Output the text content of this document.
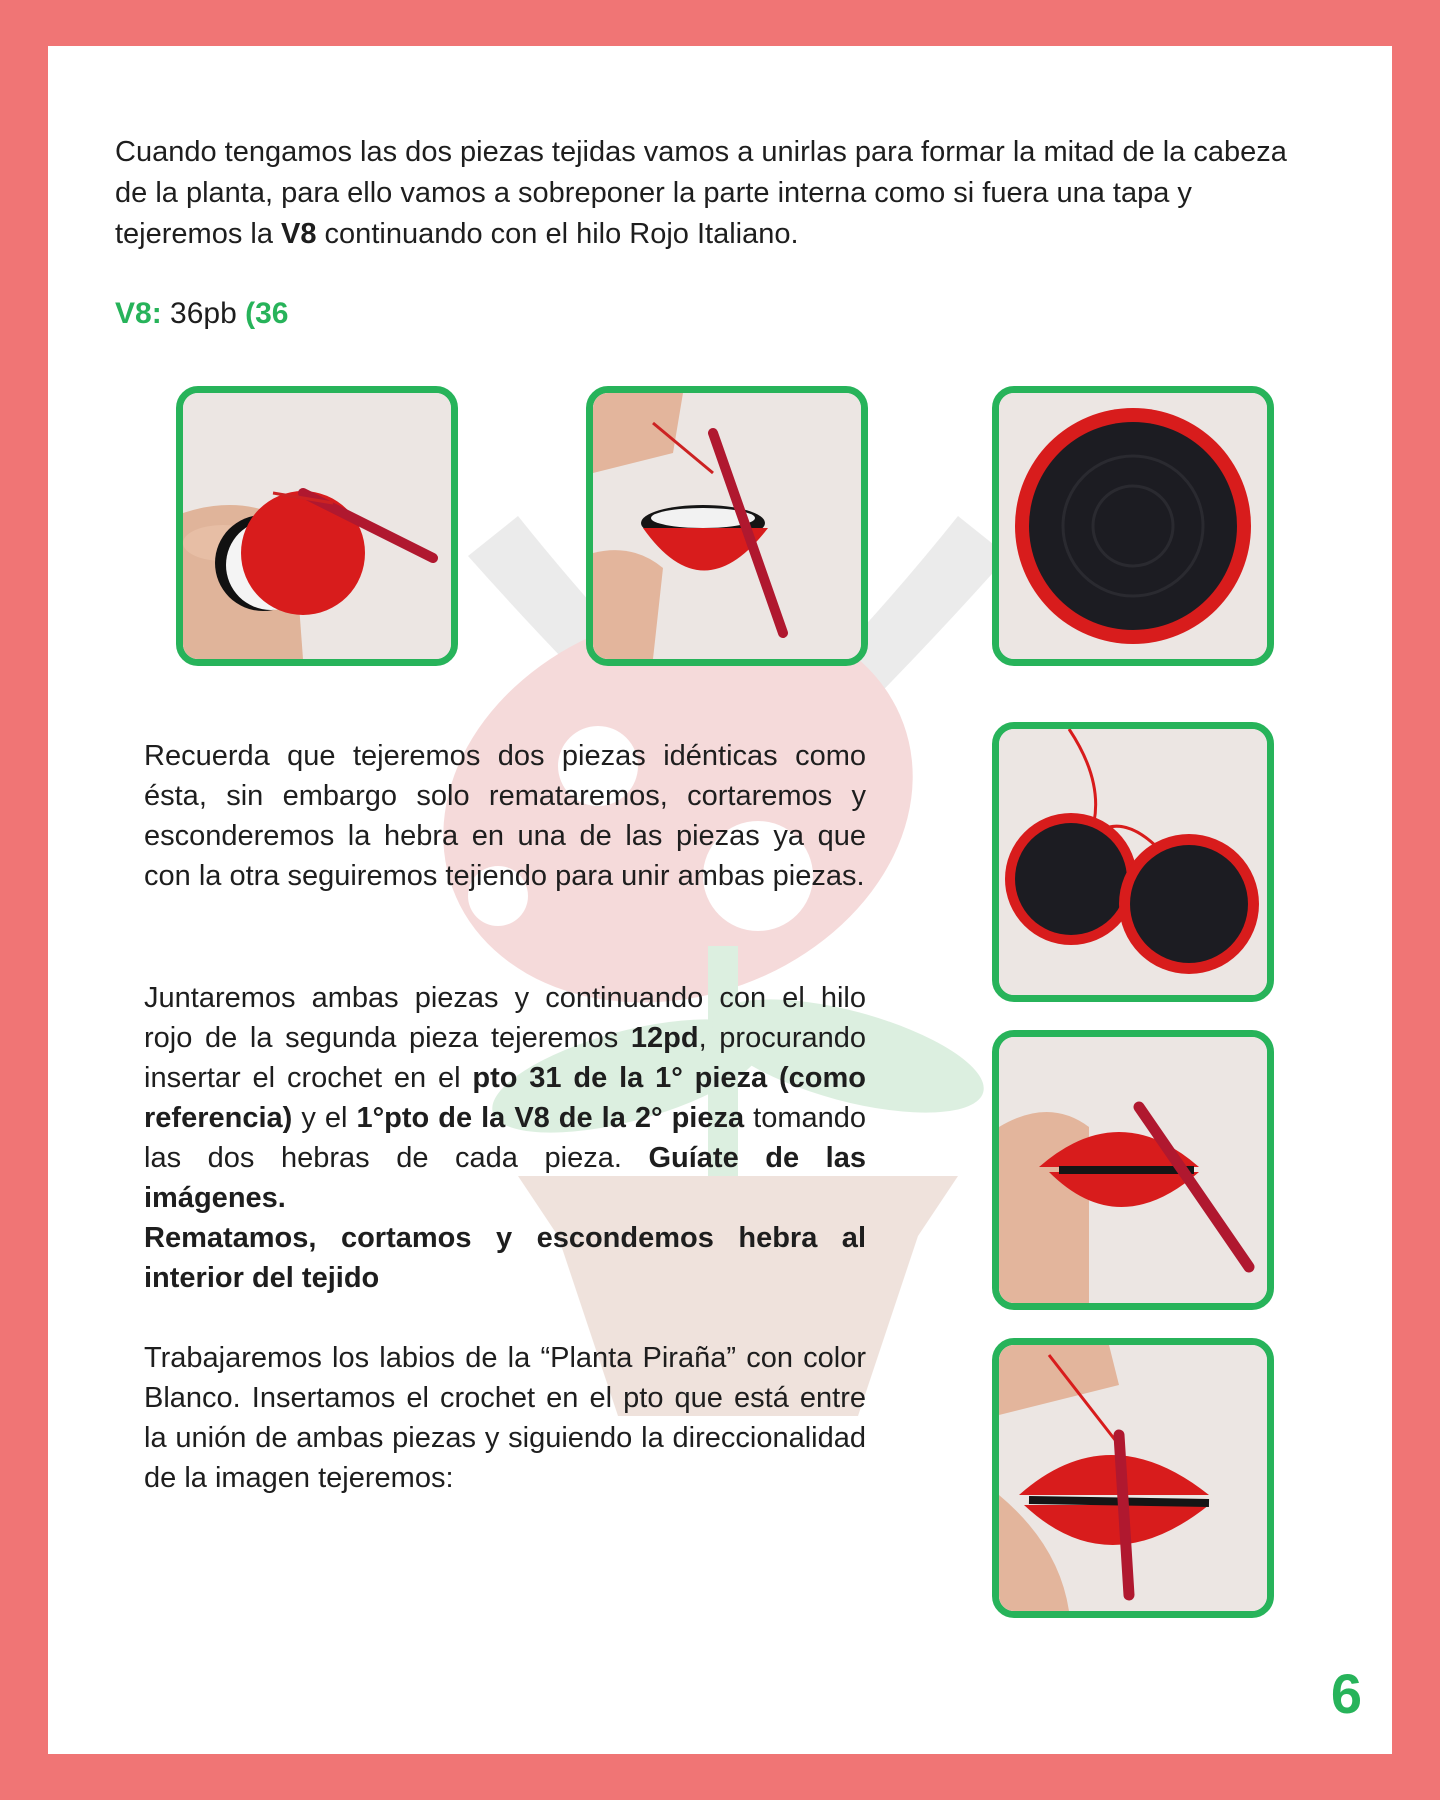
Cuando tengamos las dos piezas tejidas vamos a unirlas para formar la mitad de la cabeza de la planta, para ello vamos a sobreponer la parte interna como si fuera una tapa y tejeremos la V8 continuando con el hilo Rojo Italiano.

V8: 36pb (36

Recuerda que tejeremos dos piezas idénticas como ésta, sin embargo solo remataremos, cortaremos y esconderemos la hebra en una de las piezas ya que con la otra seguiremos tejiendo para unir ambas piezas.

Juntaremos ambas piezas y continuando con el hilo rojo de la segunda pieza tejeremos 12pd, procurando insertar el crochet en el pto 31 de la 1° pieza (como referencia) y el 1°pto de la V8 de la 2° pieza tomando las dos hebras de cada pieza. Guíate de las imágenes.
Rematamos, cortamos y escondemos hebra al interior del tejido

Trabajaremos los labios de la “Planta Piraña” con color Blanco. Insertamos el crochet en el pto que está entre la unión de ambas piezas y siguiendo la direccionalidad de la imagen tejeremos:

6
